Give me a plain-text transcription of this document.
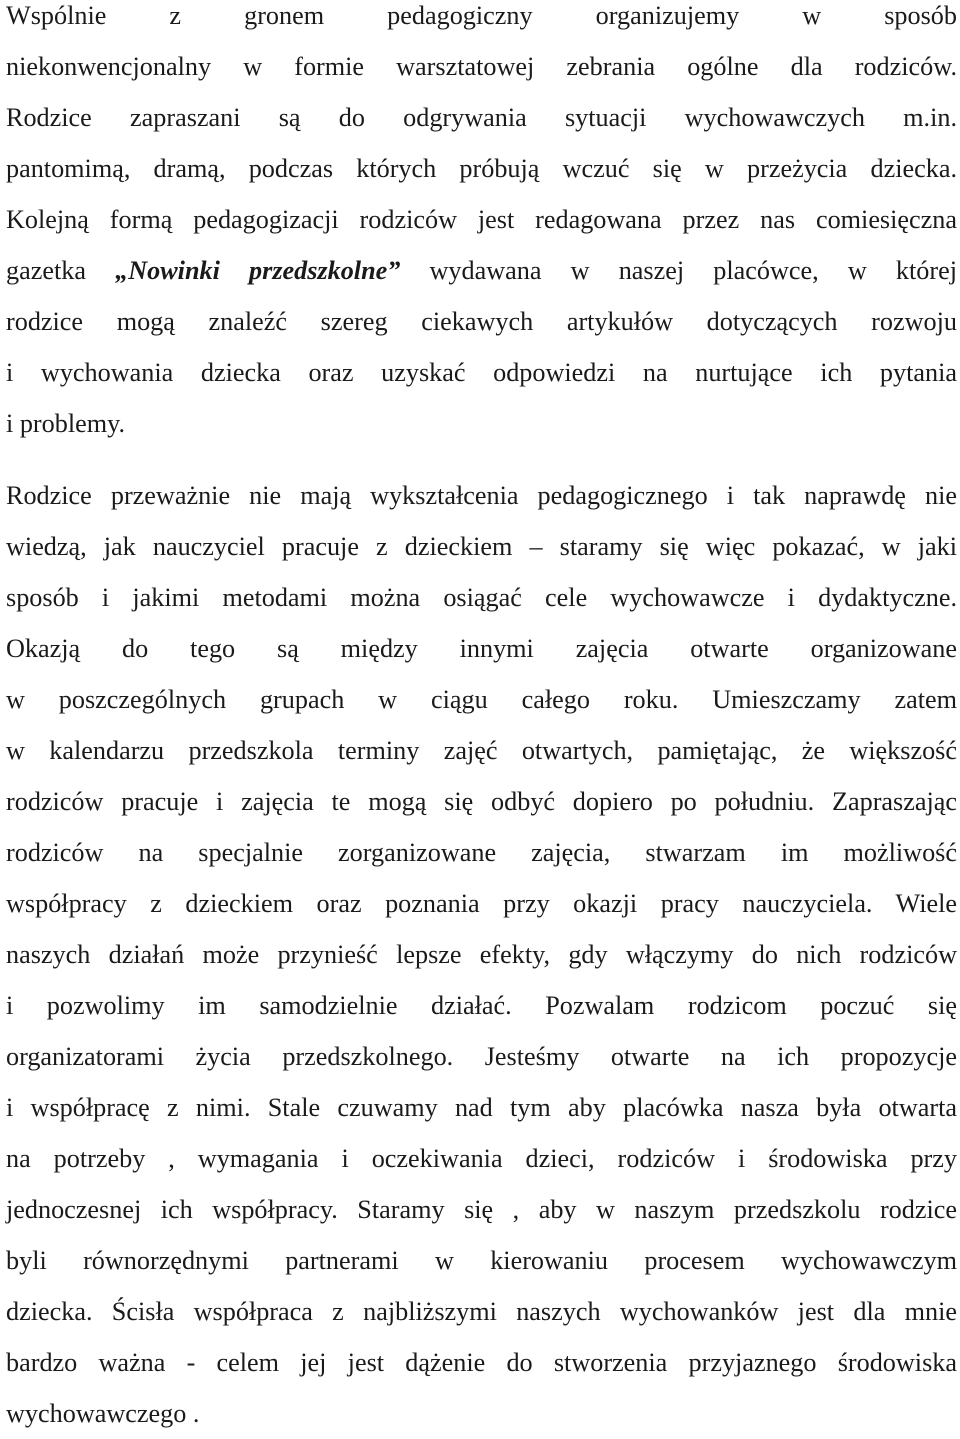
Wspólnie z gronem pedagogiczny organizujemy w sposób
niekonwencjonalny w formie warsztatowej zebrania ogólne dla rodziców.
Rodzice zapraszani są do odgrywania sytuacji wychowawczych m.in.
pantomimą, dramą, podczas których próbują wczuć się w przeżycia dziecka.
Kolejną formą pedagogizacji rodziców jest redagowana przez nas comiesięczna
gazetka „Nowinki przedszkolne” wydawana w naszej placówce, w której
rodzice mogą znaleźć szereg ciekawych artykułów dotyczących rozwoju
i wychowania dziecka oraz uzyskać odpowiedzi na nurtujące ich pytania
i problemy.
Rodzice przeważnie nie mają wykształcenia pedagogicznego i tak naprawdę nie
wiedzą, jak nauczyciel pracuje z dzieckiem – staramy się więc pokazać, w jaki
sposób i jakimi metodami można osiągać cele wychowawcze i dydaktyczne.
Okazją do tego są między innymi zajęcia otwarte organizowane
w poszczególnych grupach w ciągu całego roku. Umieszczamy zatem
w kalendarzu przedszkola terminy zajęć otwartych, pamiętając, że większość
rodziców pracuje i zajęcia te mogą się odbyć dopiero po południu. Zapraszając
rodziców na specjalnie zorganizowane zajęcia, stwarzam im możliwość
współpracy z dzieckiem oraz poznania przy okazji pracy nauczyciela. Wiele
naszych działań może przynieść lepsze efekty, gdy włączymy do nich rodziców
i pozwolimy im samodzielnie działać. Pozwalam rodzicom poczuć się
organizatorami życia przedszkolnego. Jesteśmy otwarte na ich propozycje
i współpracę z nimi. Stale czuwamy nad tym aby placówka nasza była otwarta
na potrzeby , wymagania i oczekiwania dzieci, rodziców i środowiska przy
jednoczesnej ich współpracy. Staramy się , aby w naszym przedszkolu rodzice
byli równorzędnymi partnerami w kierowaniu procesem wychowawczym
dziecka. Ścisła współpraca z najbliższymi naszych wychowanków jest dla mnie
bardzo ważna - celem jej jest dążenie do stworzenia przyjaznego środowiska
wychowawczego .
